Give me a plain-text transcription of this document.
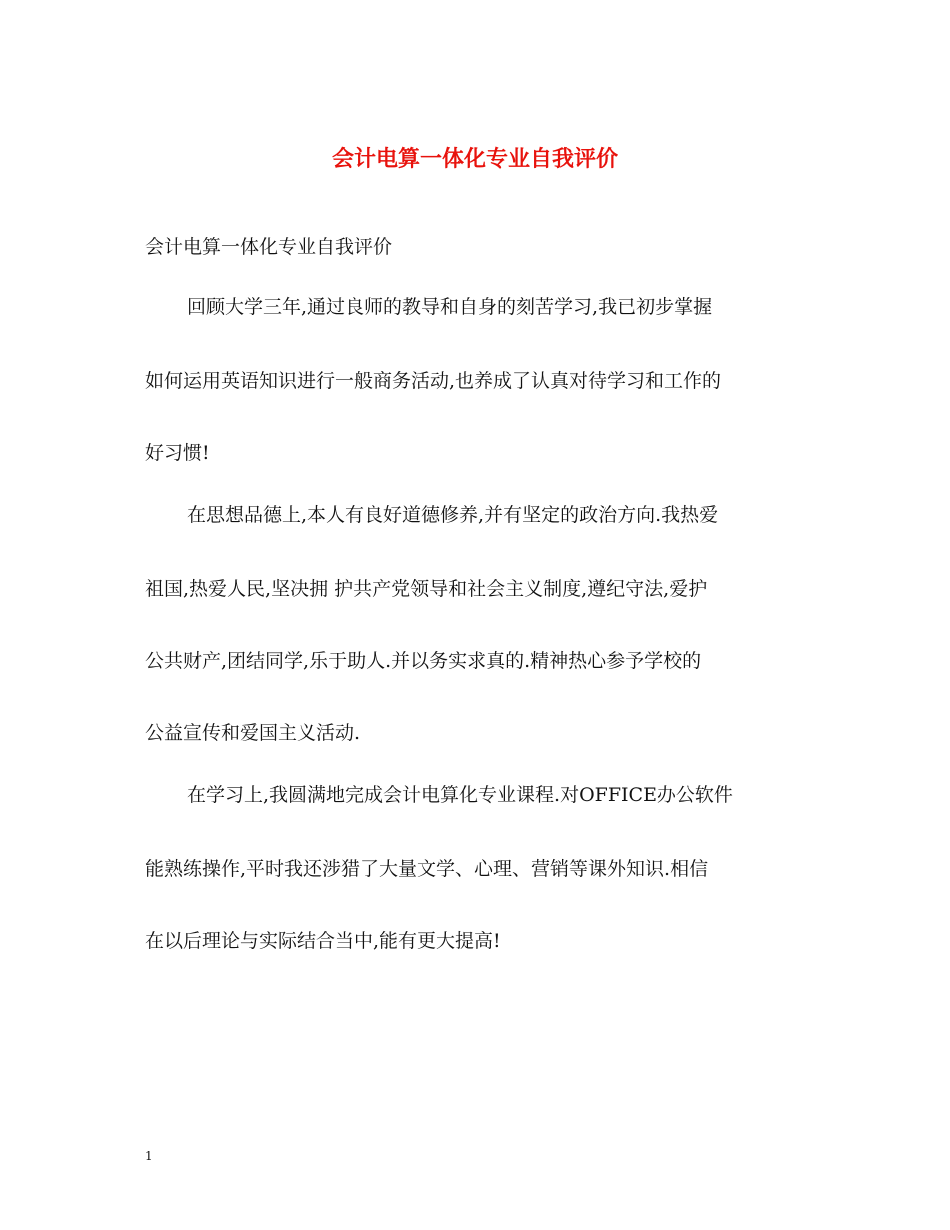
会计电算一体化专业自我评价

会计电算一体化专业自我评价

回顾大学三年,通过良师的教导和自身的刻苦学习,我已初步掌握

如何运用英语知识进行一般商务活动,也养成了认真对待学习和工作的

好习惯!

在思想品德上,本人有良好道德修养,并有坚定的政治方向.我热爱

祖国,热爱人民,坚决拥 护共产党领导和社会主义制度,遵纪守法,爱护

公共财产,团结同学,乐于助人.并以务实求真的.精神热心参予学校的

公益宣传和爱国主义活动.

在学习上,我圆满地完成会计电算化专业课程.对OFFICE办公软件

能熟练操作,平时我还涉猎了大量文学、心理、营销等课外知识.相信

在以后理论与实际结合当中,能有更大提高!

1
